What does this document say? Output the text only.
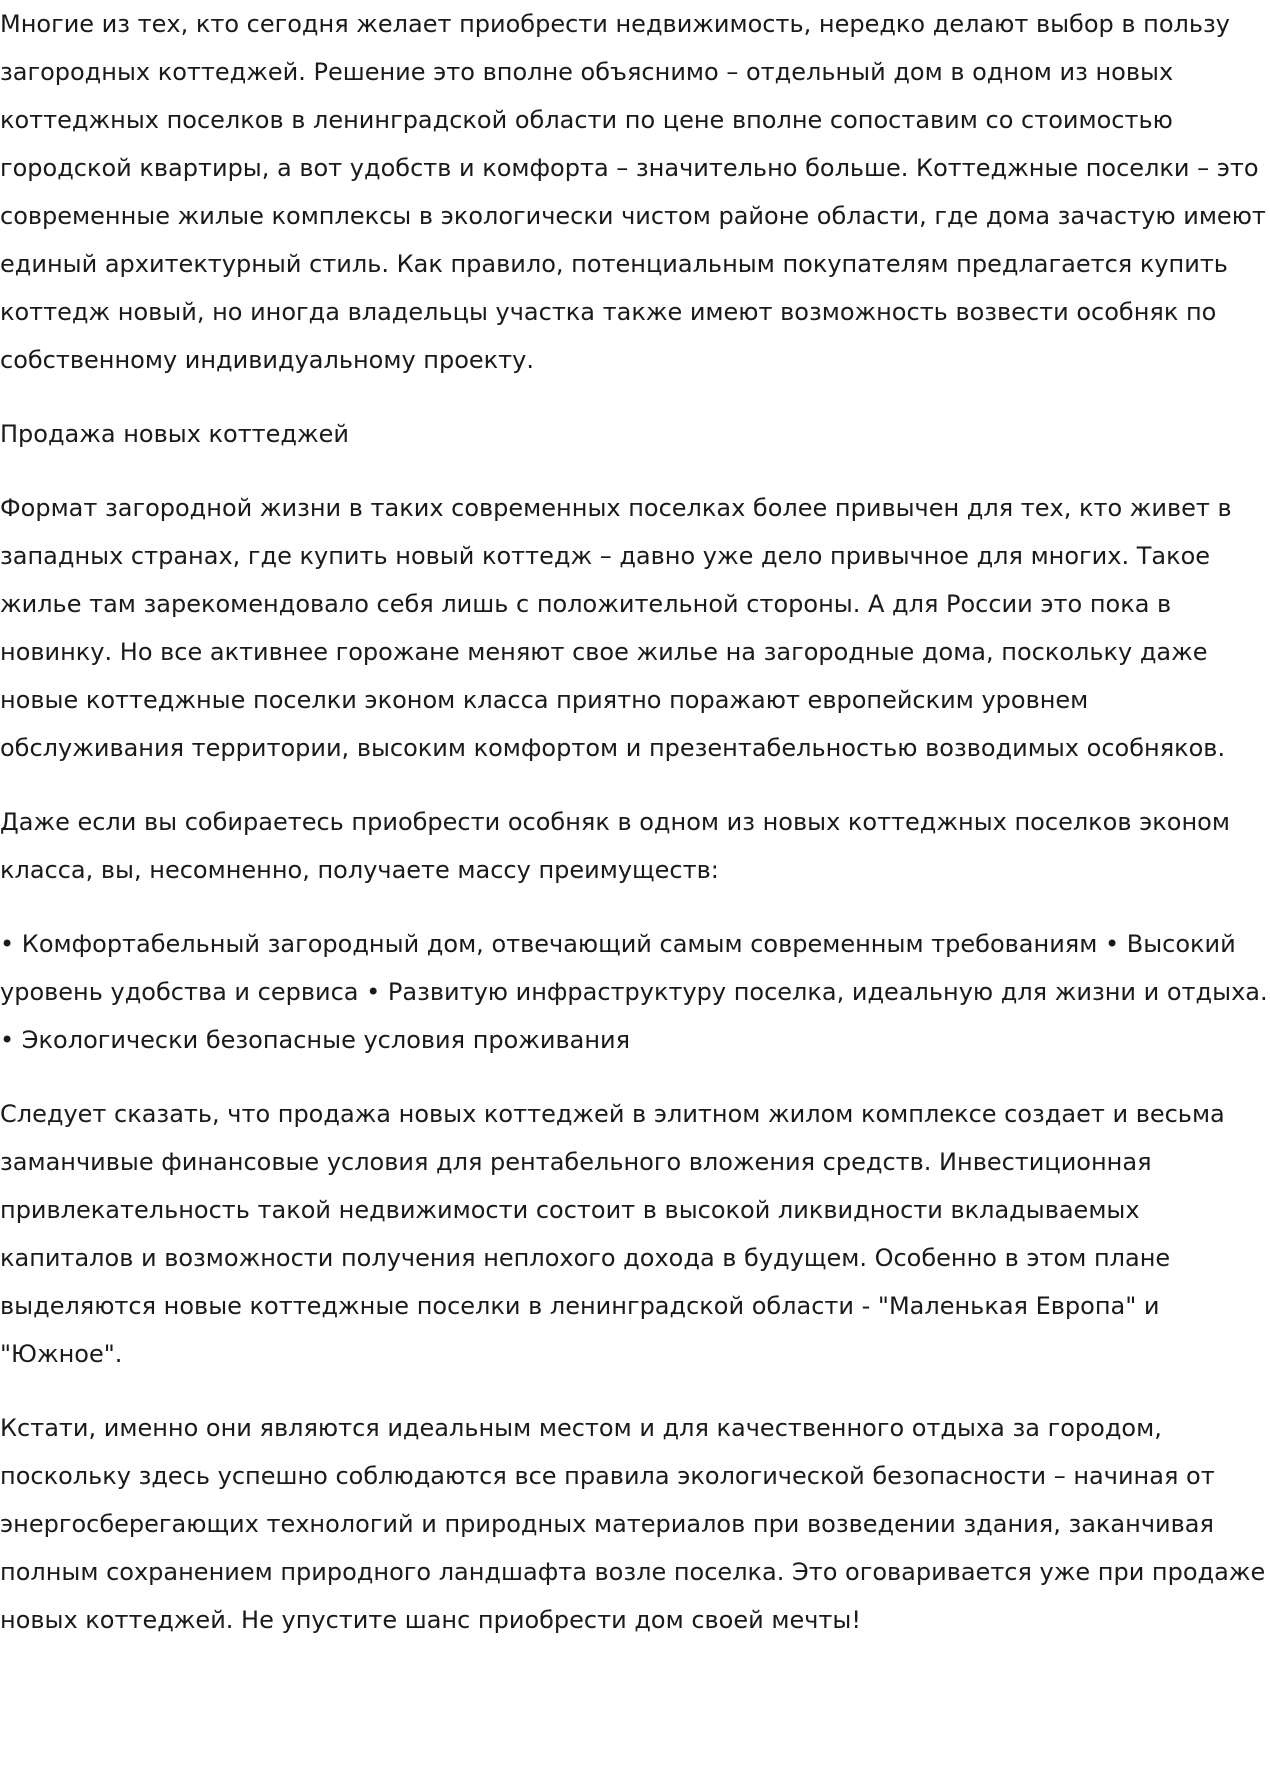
Многие из тех, кто сегодня желает приобрести недвижимость, нередко делают выбор в пользу загородных коттеджей. Решение это вполне объяснимо – отдельный дом в одном из новых коттеджных поселков в ленинградской области по цене вполне сопоставим со стоимостью городской квартиры, а вот удобств и комфорта – значительно больше. Коттеджные поселки – это современные жилые комплексы в экологически чистом районе области, где дома зачастую имеют единый архитектурный стиль. Как правило, потенциальным покупателям предлагается купить коттедж новый, но иногда владельцы участка также имеют возможность возвести особняк по собственному индивидуальному проекту.

Продажа новых коттеджей

Формат загородной жизни в таких современных поселках более привычен для тех, кто живет в западных странах, где купить новый коттедж – давно уже дело привычное для многих. Такое жилье там зарекомендовало себя лишь с положительной стороны. А для России это пока в новинку. Но все активнее горожане меняют свое жилье на загородные дома, поскольку даже новые коттеджные поселки эконом класса приятно поражают европейским уровнем обслуживания территории, высоким комфортом и презентабельностью возводимых особняков.

Даже если вы собираетесь приобрести особняк в одном из новых коттеджных поселков эконом класса, вы, несомненно, получаете массу преимуществ:

• Комфортабельный загородный дом, отвечающий самым современным требованиям • Высокий уровень удобства и сервиса • Развитую инфраструктуру поселка, идеальную для жизни и отдыха. • Экологически безопасные условия проживания

Следует сказать, что продажа новых коттеджей в элитном жилом комплексе создает и весьма заманчивые финансовые условия для рентабельного вложения средств. Инвестиционная привлекательность такой недвижимости состоит в высокой ликвидности вкладываемых капиталов и возможности получения неплохого дохода в будущем. Особенно в этом плане выделяются новые коттеджные поселки в ленинградской области - "Маленькая Европа" и "Южное".

Кстати, именно они являются идеальным местом и для качественного отдыха за городом, поскольку здесь успешно соблюдаются все правила экологической безопасности – начиная от энергосберегающих технологий и природных материалов при возведении здания, заканчивая полным сохранением природного ландшафта возле поселка. Это оговаривается уже при продаже новых коттеджей. Не упустите шанс приобрести дом своей мечты!
